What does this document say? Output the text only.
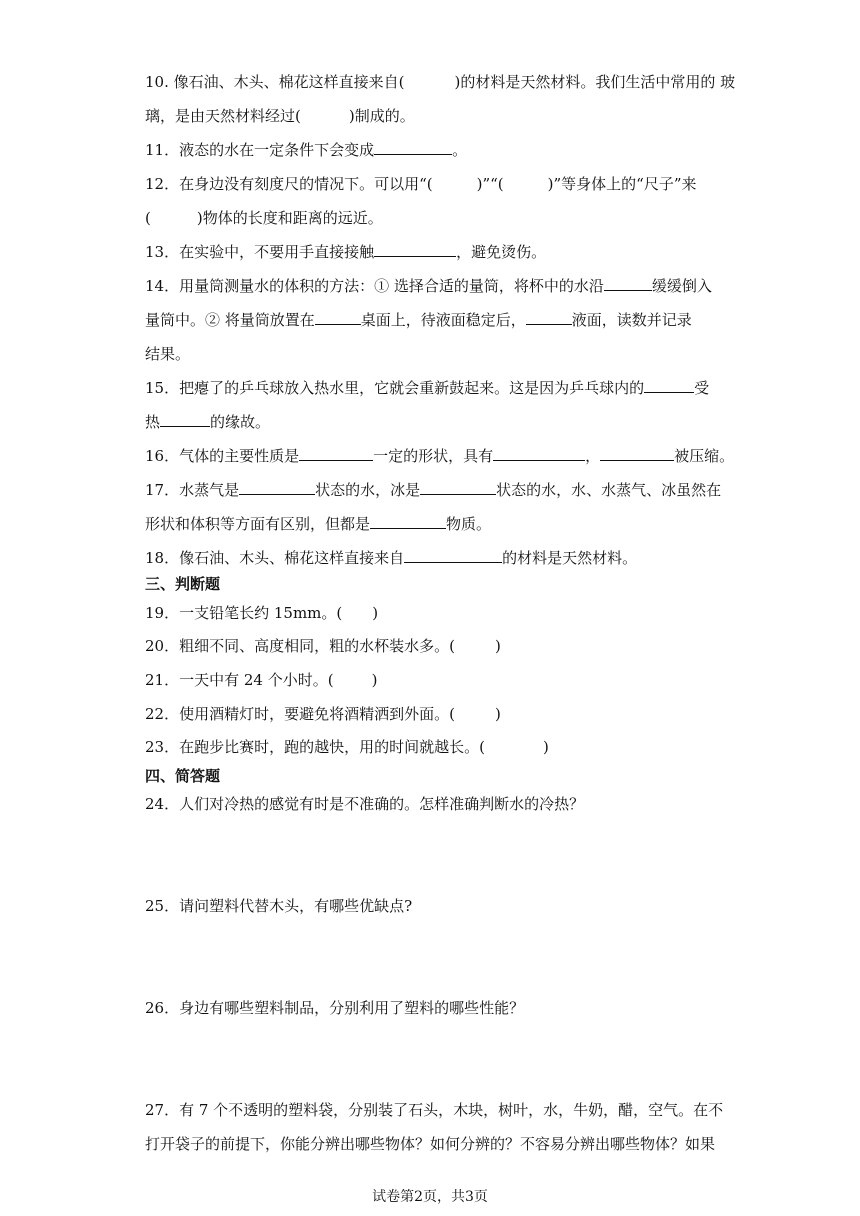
10. 像石油、木头、棉花这样直接来自(	)的材料是天然材料。我们生活中常用的 玻
璃，是由天然材料经过(	)制成的。
11．液态的水在一定条件下会变成	。
12．在身边没有刻度尺的情况下。可以用“(	)”“(	)”等身体上的“尺子”来
(	)物体的长度和距离的远近。
13．在实验中，不要用手直接接触	，避免烫伤。
14．用量筒测量水的体积的方法：① 选择合适的量筒，将杯中的水沿	缓缓倒入
量筒中。② 将量筒放置在	桌面上，待液面稳定后，	液面，读数并记录
结果。
15．把瘪了的乒乓球放入热水里，它就会重新鼓起来。这是因为乒乓球内的	受
热	的缘故。
16．气体的主要性质是	一定的形状，具有	，	被压缩。
17．水蒸气是	状态的水，冰是	状态的水，水、水蒸气、冰虽然在
形状和体积等方面有区别，但都是	物质。
18．像石油、木头、棉花这样直接来自	的材料是天然材料。
三、判断题
19．一支铅笔长约 15mm。( )
20．粗细不同、高度相同，粗的水杯装水多。(	)
21．一天中有 24 个小时。(	)
22．使用酒精灯时，要避免将酒精洒到外面。(	)
23．在跑步比赛时，跑的越快，用的时间就越长。(	)
四、简答题
24．人们对冷热的感觉有时是不准确的。怎样准确判断水的冷热？
25．请问塑料代替木头，有哪些优缺点?
26．身边有哪些塑料制品，分别利用了塑料的哪些性能？
27．有 7 个不透明的塑料袋，分别装了石头，木块，树叶，水，牛奶，醋，空气。在不
打开袋子的前提下，你能分辨出哪些物体？如何分辨的？不容易分辨出哪些物体？如果
试卷第2页，共3页
